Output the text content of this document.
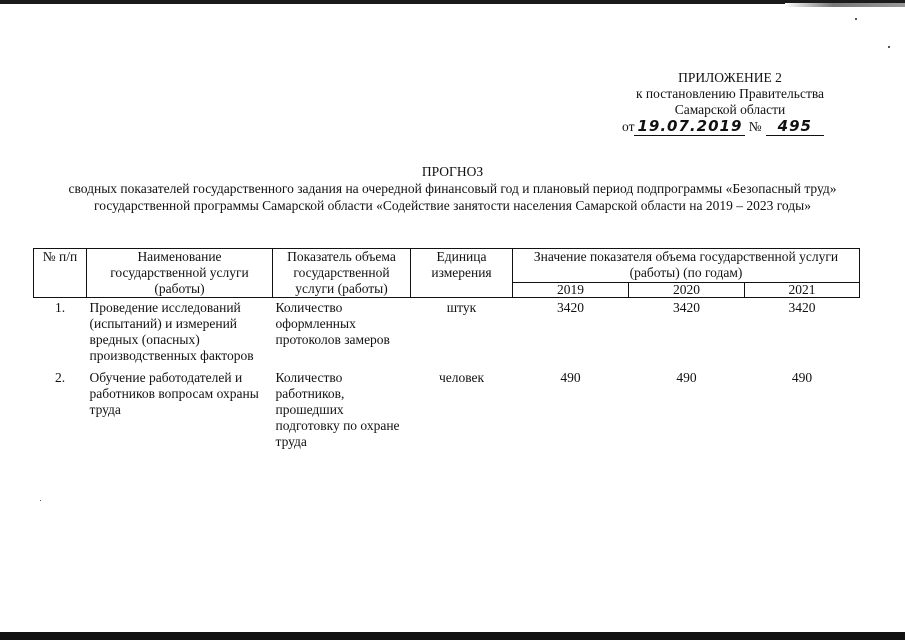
ПРИЛОЖЕНИЕ 2
к постановлению Правительства
Самарской области
от 19.07.2019 № 495
ПРОГНОЗ
сводных показателей государственного задания на очередной финансовый год и плановый период подпрограммы «Безопасный труд» государственной программы Самарской области «Содействие занятости населения Самарской области на 2019 – 2023 годы»
№ п/п	Наименование государственной услуги (работы)	Показатель объема государственной услуги (работы)	Единица измерения	Значение показателя объема государственной услуги (работы) (по годам)		
				2019	2020	2021
1.	Проведение исследований (испытаний) и измерений вредных (опасных) производственных факторов	Количество оформленных протоколов замеров	штук	3420	3420	3420
2.	Обучение работодателей и работников вопросам охраны труда	Количество работников, прошедших подготовку по охране труда	человек	490	490	490
